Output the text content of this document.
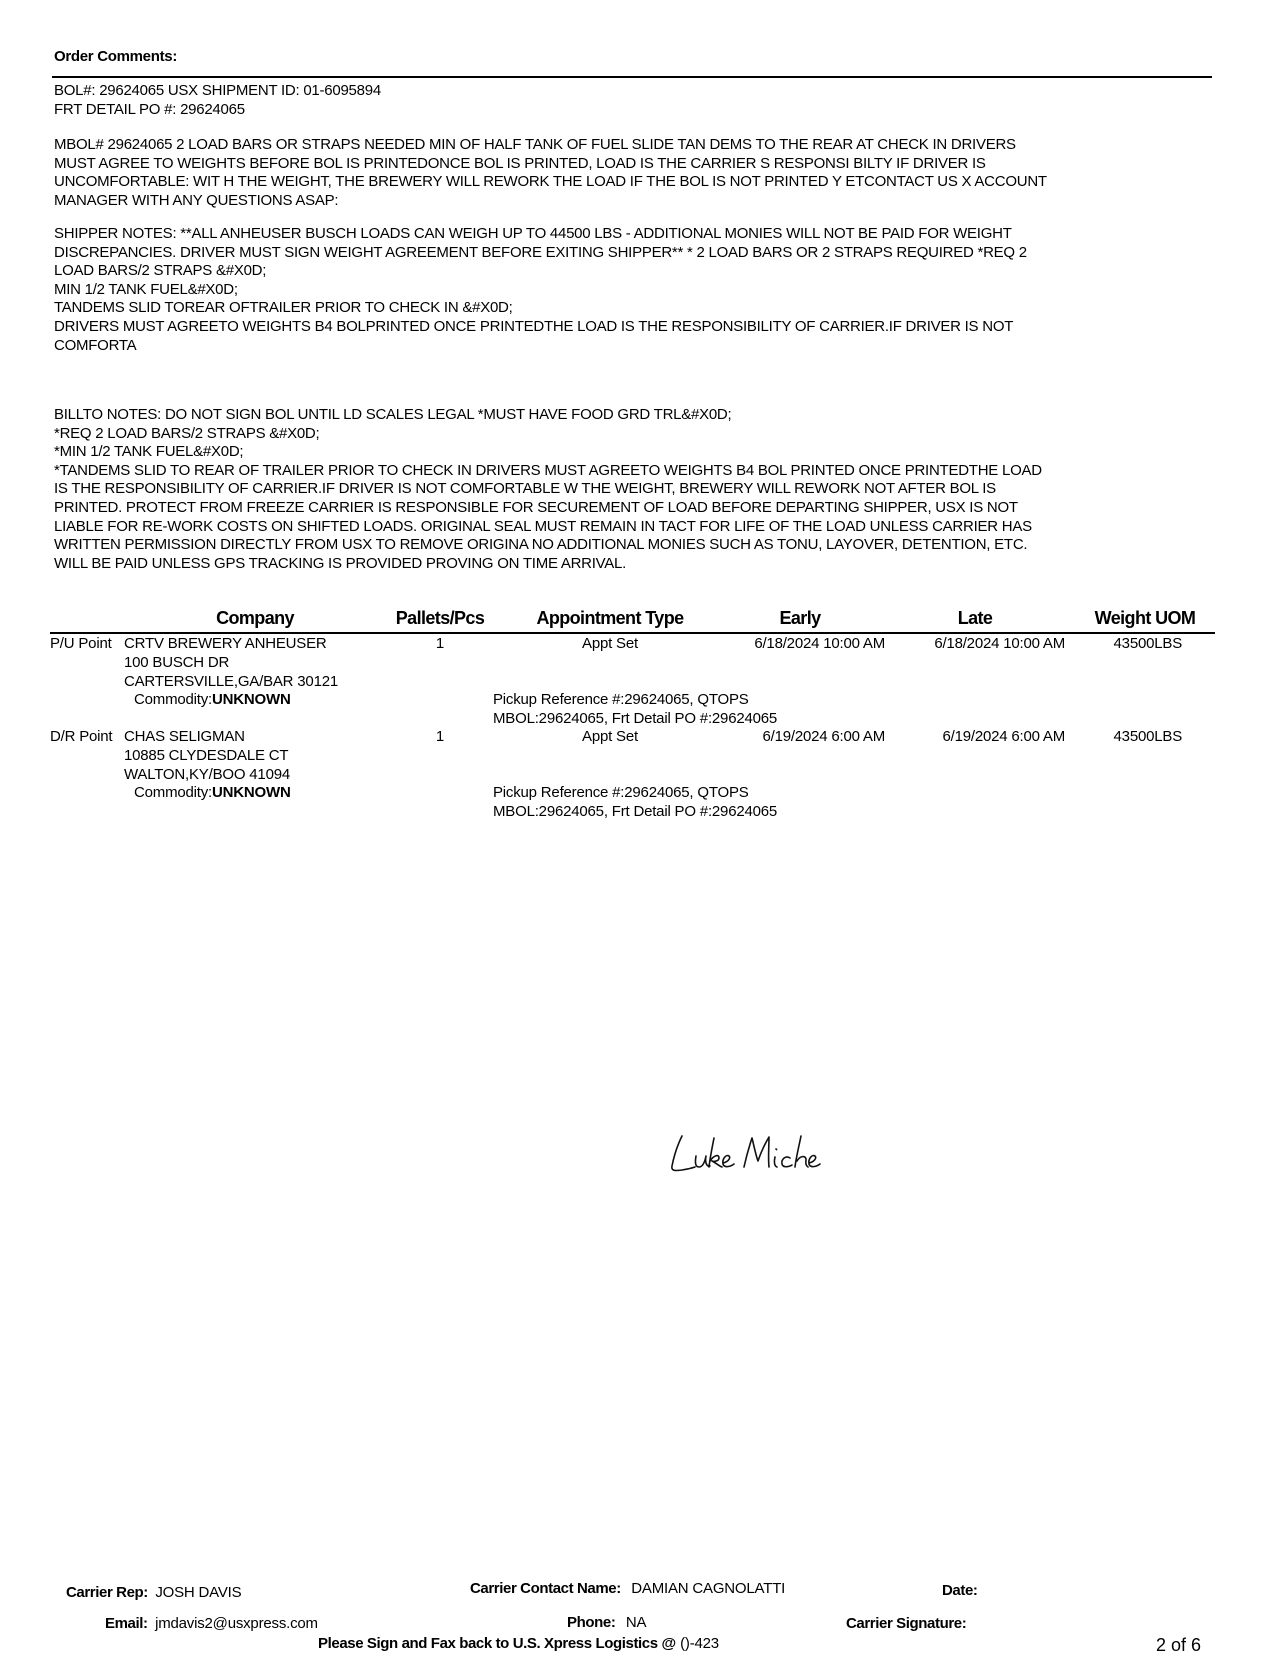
Order Comments:
BOL#: 29624065 USX SHIPMENT ID: 01-6095894
FRT DETAIL PO #: 29624065
MBOL# 29624065 2 LOAD BARS OR STRAPS NEEDED MIN OF HALF TANK OF FUEL SLIDE TAN DEMS TO THE REAR AT CHECK IN DRIVERS
MUST AGREE TO WEIGHTS BEFORE BOL IS PRINTEDONCE BOL IS PRINTED, LOAD IS THE CARRIER S RESPONSI BILTY IF DRIVER IS
UNCOMFORTABLE: WIT H THE WEIGHT, THE BREWERY WILL REWORK THE LOAD IF THE BOL IS NOT PRINTED Y ETCONTACT US X ACCOUNT
MANAGER WITH ANY QUESTIONS ASAP:
SHIPPER NOTES: **ALL ANHEUSER BUSCH LOADS CAN WEIGH UP TO 44500 LBS - ADDITIONAL MONIES WILL NOT BE PAID FOR WEIGHT
DISCREPANCIES. DRIVER MUST SIGN WEIGHT AGREEMENT BEFORE EXITING SHIPPER** * 2 LOAD BARS OR 2 STRAPS REQUIRED *REQ 2
LOAD BARS/2 STRAPS &#X0D;
MIN 1/2 TANK FUEL&#X0D;
TANDEMS SLID TOREAR OFTRAILER PRIOR TO CHECK IN &#X0D;
DRIVERS MUST AGREETO WEIGHTS B4 BOLPRINTED ONCE PRINTEDTHE LOAD IS THE RESPONSIBILITY OF CARRIER.IF DRIVER IS NOT
COMFORTA
BILLTO NOTES: DO NOT SIGN BOL UNTIL LD SCALES LEGAL *MUST HAVE FOOD GRD TRL&#X0D;
*REQ 2 LOAD BARS/2 STRAPS &#X0D;
*MIN 1/2 TANK FUEL&#X0D;
*TANDEMS SLID TO REAR OF TRAILER PRIOR TO CHECK IN DRIVERS MUST AGREETO WEIGHTS B4 BOL PRINTED ONCE PRINTEDTHE LOAD
IS THE RESPONSIBILITY OF CARRIER.IF DRIVER IS NOT COMFORTABLE W THE WEIGHT, BREWERY WILL REWORK NOT AFTER BOL IS
PRINTED. PROTECT FROM FREEZE CARRIER IS RESPONSIBLE FOR SECUREMENT OF LOAD BEFORE DEPARTING SHIPPER, USX IS NOT
LIABLE FOR RE-WORK COSTS ON SHIFTED LOADS. ORIGINAL SEAL MUST REMAIN IN TACT FOR LIFE OF THE LOAD UNLESS CARRIER HAS
WRITTEN PERMISSION DIRECTLY FROM USX TO REMOVE ORIGINA NO ADDITIONAL MONIES SUCH AS TONU, LAYOVER, DETENTION, ETC.
WILL BE PAID UNLESS GPS TRACKING IS PROVIDED PROVING ON TIME ARRIVAL.
Company	Pallets/Pcs	Appointment Type	Early	Late	Weight UOM
P/U Point CRTV BREWERY ANHEUSER
100 BUSCH DR
CARTERSVILLE,GA/BAR 30121
Commodity:UNKNOWN
1	Appt Set	6/18/2024 10:00 AM	6/18/2024 10:00 AM	43500LBS
Pickup Reference #:29624065, QTOPS
MBOL:29624065, Frt Detail PO #:29624065
D/R Point CHAS SELIGMAN
10885 CLYDESDALE CT
WALTON,KY/BOO 41094
Commodity:UNKNOWN
1	Appt Set	6/19/2024 6:00 AM	6/19/2024 6:00 AM	43500LBS
Pickup Reference #:29624065, QTOPS
MBOL:29624065, Frt Detail PO #:29624065
Carrier Rep: JOSH DAVIS
Email: jmdavis2@usxpress.com
Carrier Contact Name: DAMIAN CAGNOLATTI
Phone: NA
Date:
Carrier Signature:
Please Sign and Fax back to U.S. Xpress Logistics @ ()-423	2 of 6
